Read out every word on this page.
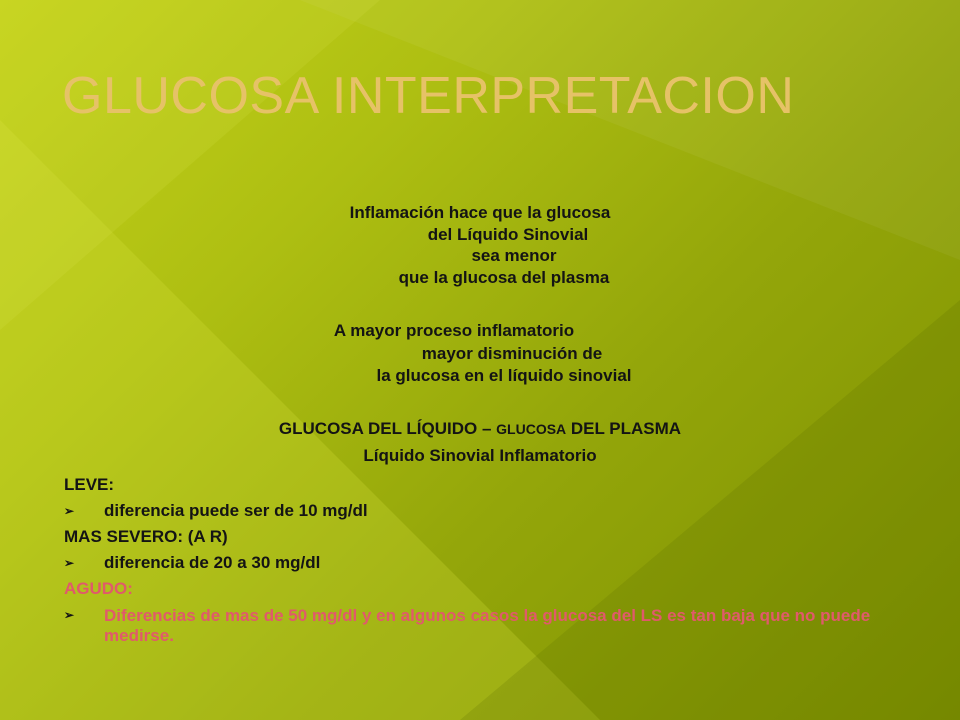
GLUCOSA INTERPRETACION
Inflamación hace que la glucosa
del Líquido Sinovial
sea menor
que la glucosa del plasma
A mayor proceso inflamatorio
mayor disminución de
la glucosa en el líquido sinovial
GLUCOSA DEL LÍQUIDO – GLUCOSA DEL PLASMA
Líquido Sinovial Inflamatorio
LEVE:
➢	diferencia puede ser de 10 mg/dl
MAS SEVERO: (A R)
➢	diferencia de 20 a 30 mg/dl
AGUDO:
➢	Diferencias de mas de 50 mg/dl y en algunos casos la glucosa del LS es tan baja que no puede medirse.
